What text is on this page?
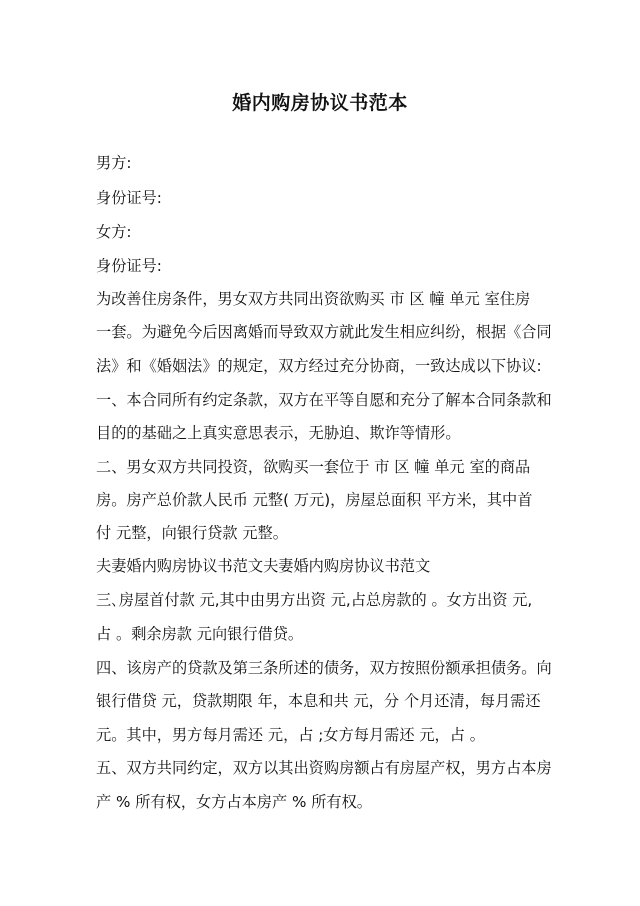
婚内购房协议书范本
男方:
身份证号:
女方:
身份证号:
为改善住房条件，男女双方共同出资欲购买 市 区 幢 单元 室住房
一套。为避免今后因离婚而导致双方就此发生相应纠纷，根据《合同
法》和《婚姻法》的规定，双方经过充分协商，一致达成以下协议:
一、本合同所有约定条款，双方在平等自愿和充分了解本合同条款和
目的的基础之上真实意思表示，无胁迫、欺诈等情形。
二、男女双方共同投资，欲购买一套位于 市 区 幢 单元 室的商品
房。房产总价款人民币 元整( 万元)，房屋总面积 平方米，其中首
付 元整，向银行贷款 元整。
夫妻婚内购房协议书范文夫妻婚内购房协议书范文
三､房屋首付款 元,其中由男方出资 元,占总房款的 。女方出资 元,
占 。剩余房款 元向银行借贷。
四、该房产的贷款及第三条所述的债务，双方按照份额承担债务。向
银行借贷 元，贷款期限 年，本息和共 元，分 个月还清，每月需还
元。其中，男方每月需还 元，占 ;女方每月需还 元，占 。
五、双方共同约定，双方以其出资购房额占有房屋产权，男方占本房
产 % 所有权，女方占本房产 % 所有权。
